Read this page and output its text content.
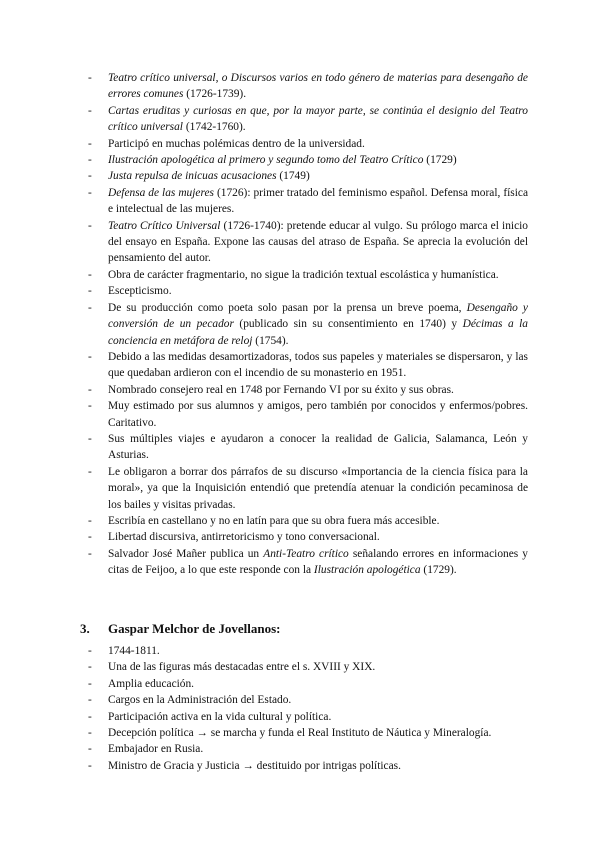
- Teatro crítico universal, o Discursos varios en todo género de materias para desengaño de errores comunes (1726-1739).
- Cartas eruditas y curiosas en que, por la mayor parte, se continúa el designio del Teatro crítico universal (1742-1760).
- Participó en muchas polémicas dentro de la universidad.
- Ilustración apologética al primero y segundo tomo del Teatro Crítico (1729)
- Justa repulsa de inicuas acusaciones (1749)
- Defensa de las mujeres (1726): primer tratado del feminismo español. Defensa moral, física e intelectual de las mujeres.
- Teatro Crítico Universal (1726-1740): pretende educar al vulgo. Su prólogo marca el inicio del ensayo en España. Expone las causas del atraso de España. Se aprecia la evolución del pensamiento del autor.
- Obra de carácter fragmentario, no sigue la tradición textual escolástica y humanística.
- Escepticismo.
- De su producción como poeta solo pasan por la prensa un breve poema, Desengaño y conversión de un pecador (publicado sin su consentimiento en 1740) y Décimas a la conciencia en metáfora de reloj (1754).
- Debido a las medidas desamortizadoras, todos sus papeles y materiales se dispersaron, y las que quedaban ardieron con el incendio de su monasterio en 1951.
- Nombrado consejero real en 1748 por Fernando VI por su éxito y sus obras.
- Muy estimado por sus alumnos y amigos, pero también por conocidos y enfermos/pobres. Caritativo.
- Sus múltiples viajes e ayudaron a conocer la realidad de Galicia, Salamanca, León y Asturias.
- Le obligaron a borrar dos párrafos de su discurso «Importancia de la ciencia física para la moral», ya que la Inquisición entendió que pretendía atenuar la condición pecaminosa de los bailes y visitas privadas.
- Escribía en castellano y no en latín para que su obra fuera más accesible.
- Libertad discursiva, antirretoricismo y tono conversacional.
- Salvador José Mañer publica un Anti-Teatro crítico señalando errores en informaciones y citas de Feijoo, a lo que este responde con la Ilustración apologética (1729).
3. Gaspar Melchor de Jovellanos:
- 1744-1811.
- Una de las figuras más destacadas entre el s. XVIII y XIX.
- Amplia educación.
- Cargos en la Administración del Estado.
- Participación activa en la vida cultural y política.
- Decepción política → se marcha y funda el Real Instituto de Náutica y Mineralogía.
- Embajador en Rusia.
- Ministro de Gracia y Justicia → destituido por intrigas políticas.
